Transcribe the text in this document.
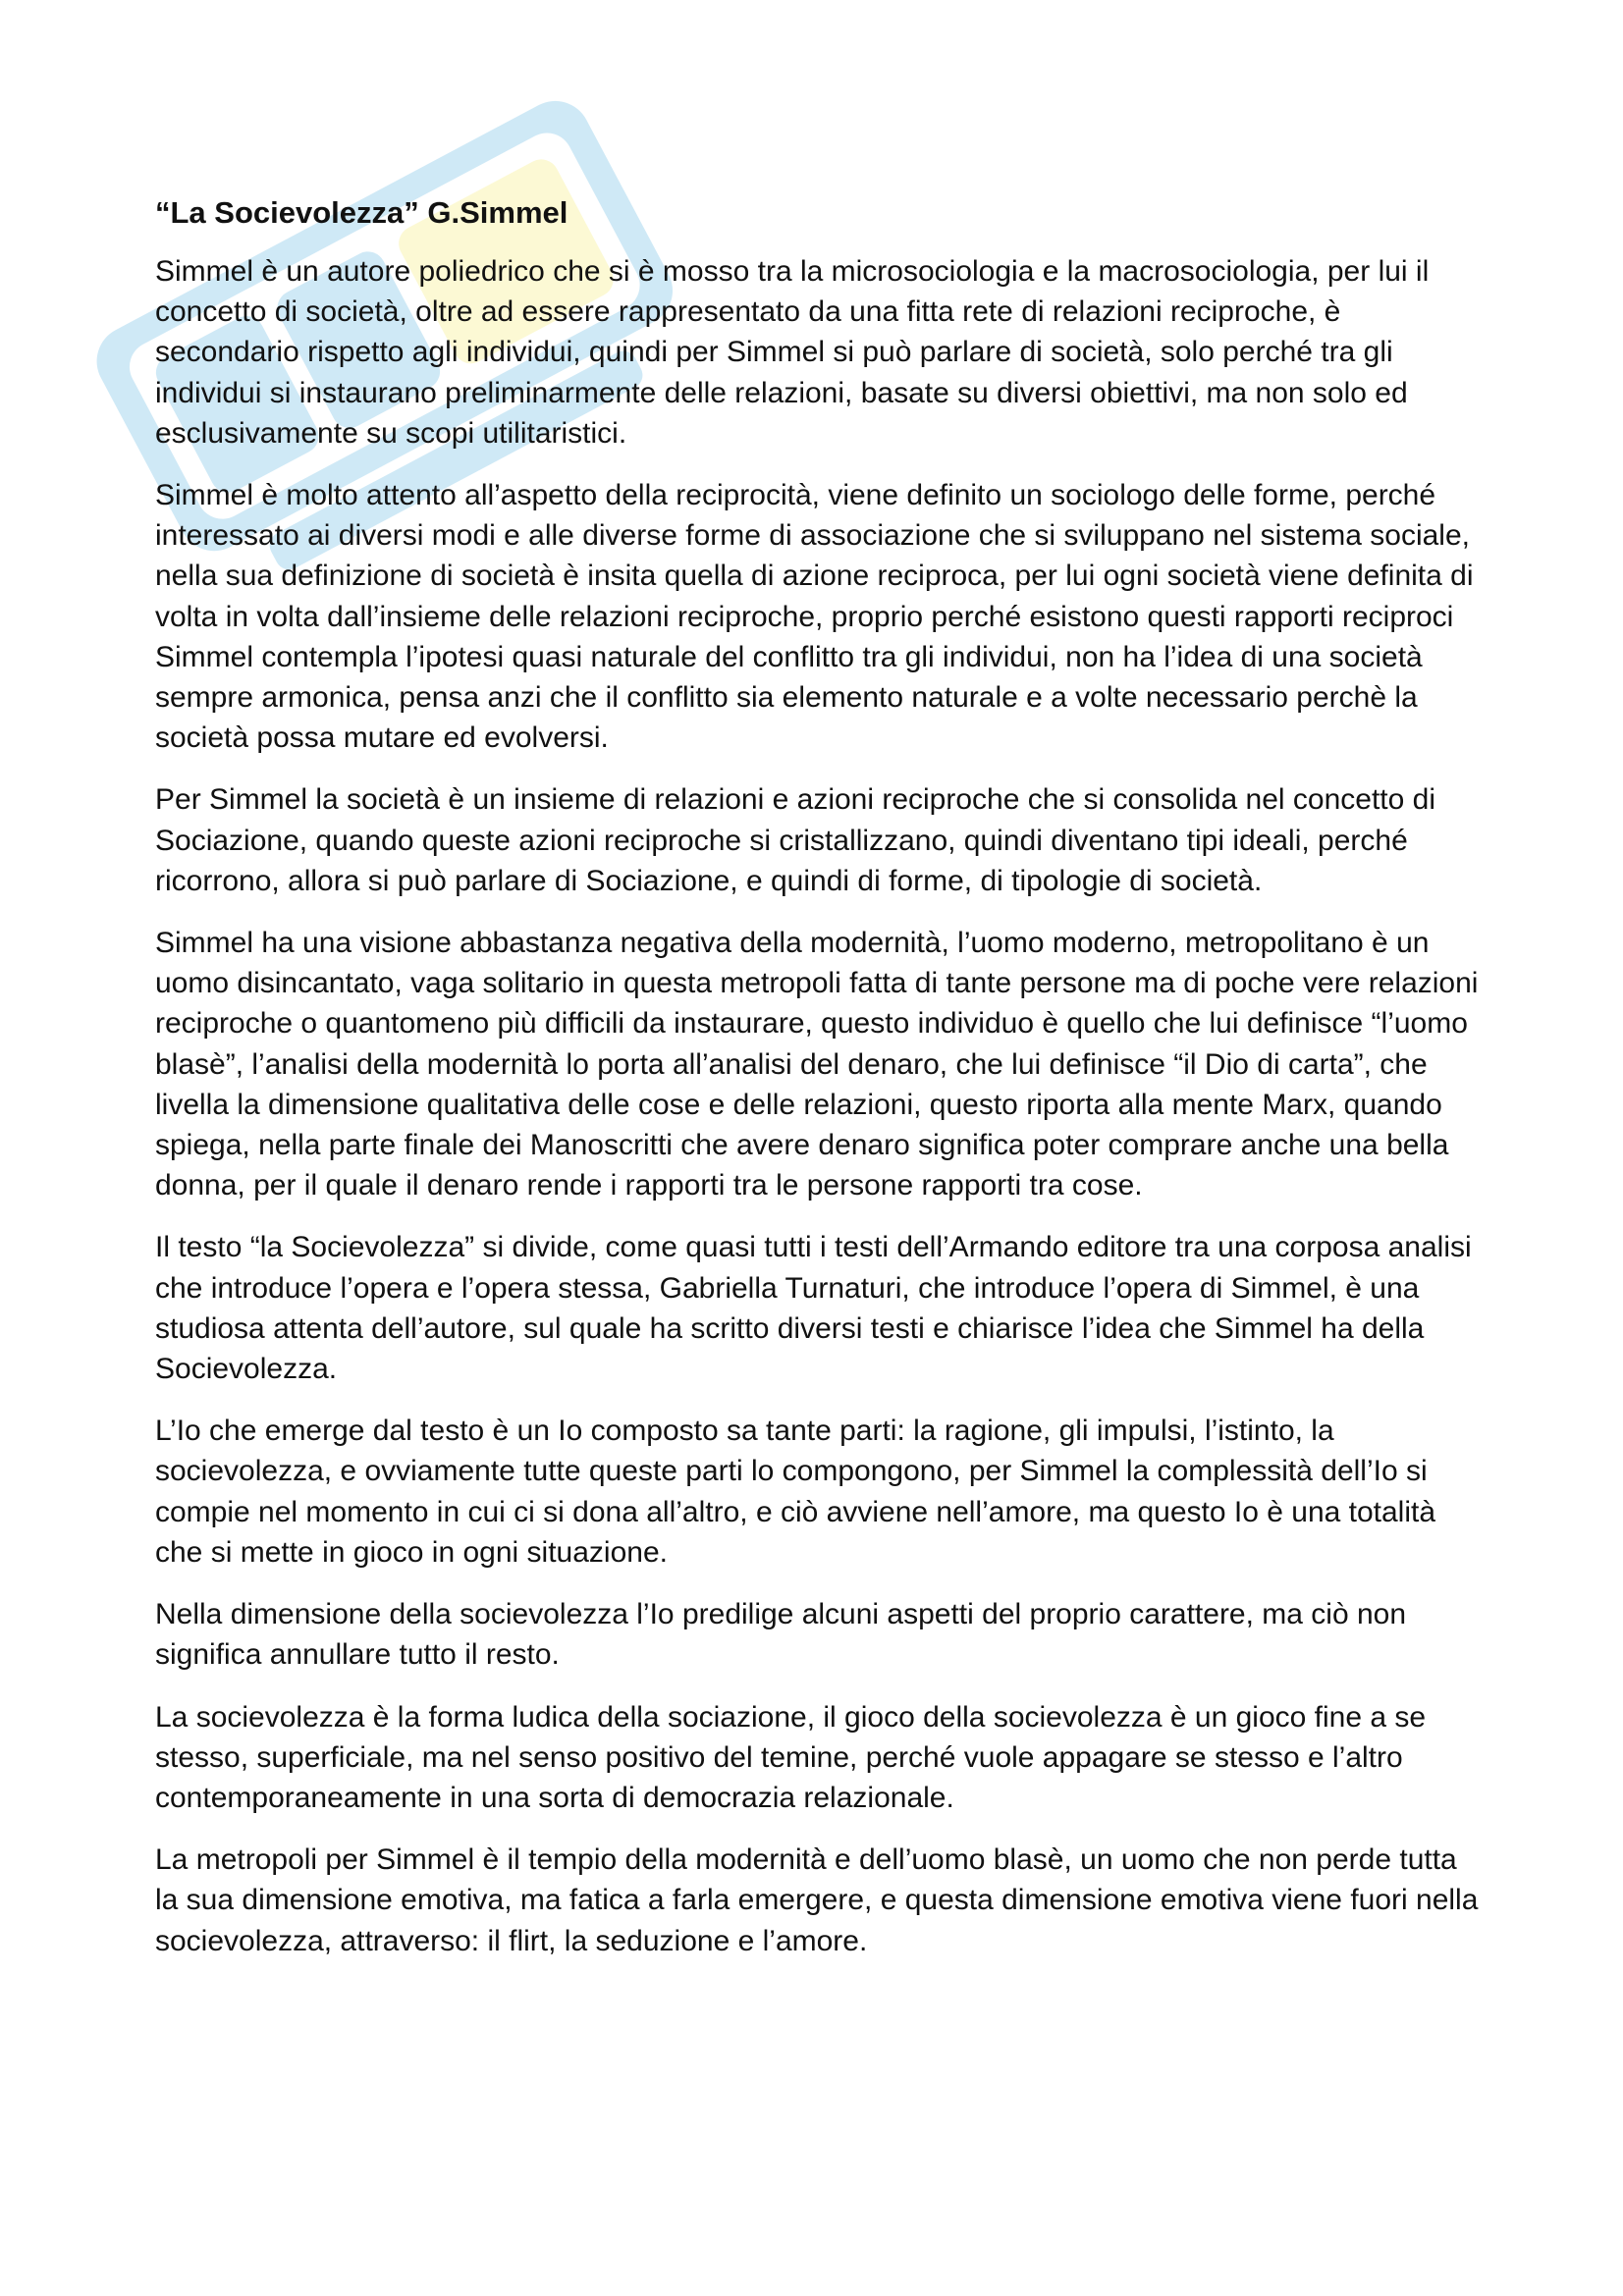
“La Socievolezza” G.Simmel

Simmel è un autore poliedrico che si è mosso tra la microsociologia e la macrosociologia, per lui il concetto di società, oltre ad essere rappresentato da una fitta rete di relazioni reciproche, è secondario rispetto agli individui, quindi per Simmel si può parlare di società, solo perché tra gli individui si instaurano preliminarmente delle relazioni, basate su diversi obiettivi, ma non solo ed esclusivamente su scopi utilitaristici.

Simmel è molto attento all’aspetto della reciprocità, viene definito un sociologo delle forme, perché interessato ai diversi modi e alle diverse forme di associazione che si sviluppano nel sistema sociale, nella sua definizione di società è insita quella di azione reciproca, per lui ogni società viene definita di volta in volta dall’insieme delle relazioni reciproche, proprio perché esistono questi rapporti reciproci Simmel contempla l’ipotesi quasi naturale del conflitto tra gli individui, non ha l’idea di una società sempre armonica, pensa anzi che il conflitto sia elemento naturale e a volte necessario perchè la società possa mutare ed evolversi.

Per Simmel la società è un insieme di relazioni e azioni reciproche che si consolida nel concetto di Sociazione, quando queste azioni reciproche si cristallizzano, quindi diventano tipi ideali, perché ricorrono, allora si può parlare di Sociazione, e quindi di forme, di tipologie di società.

Simmel ha una visione abbastanza negativa della modernità, l’uomo moderno, metropolitano è un uomo disincantato, vaga solitario in questa metropoli fatta di tante persone ma di poche vere relazioni reciproche o quantomeno più difficili da instaurare, questo individuo è quello che lui definisce “l’uomo blasè”, l’analisi della modernità lo porta all’analisi del denaro, che lui definisce “il Dio di carta”, che livella la dimensione qualitativa delle cose e delle relazioni, questo riporta alla mente Marx, quando spiega, nella parte finale dei Manoscritti che avere denaro significa poter comprare anche una bella donna, per il quale il denaro rende i rapporti tra le persone rapporti tra cose.

Il testo “la Socievolezza” si divide, come quasi tutti i testi dell’Armando editore tra una corposa analisi che introduce l’opera e l’opera stessa, Gabriella Turnaturi, che introduce l’opera di Simmel, è una studiosa attenta dell’autore, sul quale ha scritto diversi testi e chiarisce l’idea che Simmel ha della Socievolezza.

L’Io che emerge dal testo è un Io composto sa tante parti: la ragione, gli impulsi, l’istinto, la socievolezza, e ovviamente tutte queste parti lo compongono, per Simmel la complessità dell’Io si compie nel momento in cui ci si dona all’altro, e ciò avviene nell’amore, ma questo Io è una totalità che si mette in gioco in ogni situazione.

Nella dimensione della socievolezza l’Io predilige alcuni aspetti del proprio carattere, ma ciò non significa annullare tutto il resto.

La socievolezza è la forma ludica della sociazione, il gioco della socievolezza è un gioco fine a se stesso, superficiale, ma nel senso positivo del temine, perché vuole appagare se stesso e l’altro contemporaneamente in una sorta di democrazia relazionale.

La metropoli per Simmel è il tempio della modernità e dell’uomo blasè, un uomo che non perde tutta la sua dimensione emotiva, ma fatica a farla emergere, e questa dimensione emotiva viene fuori nella socievolezza, attraverso: il flirt, la seduzione e l’amore.
